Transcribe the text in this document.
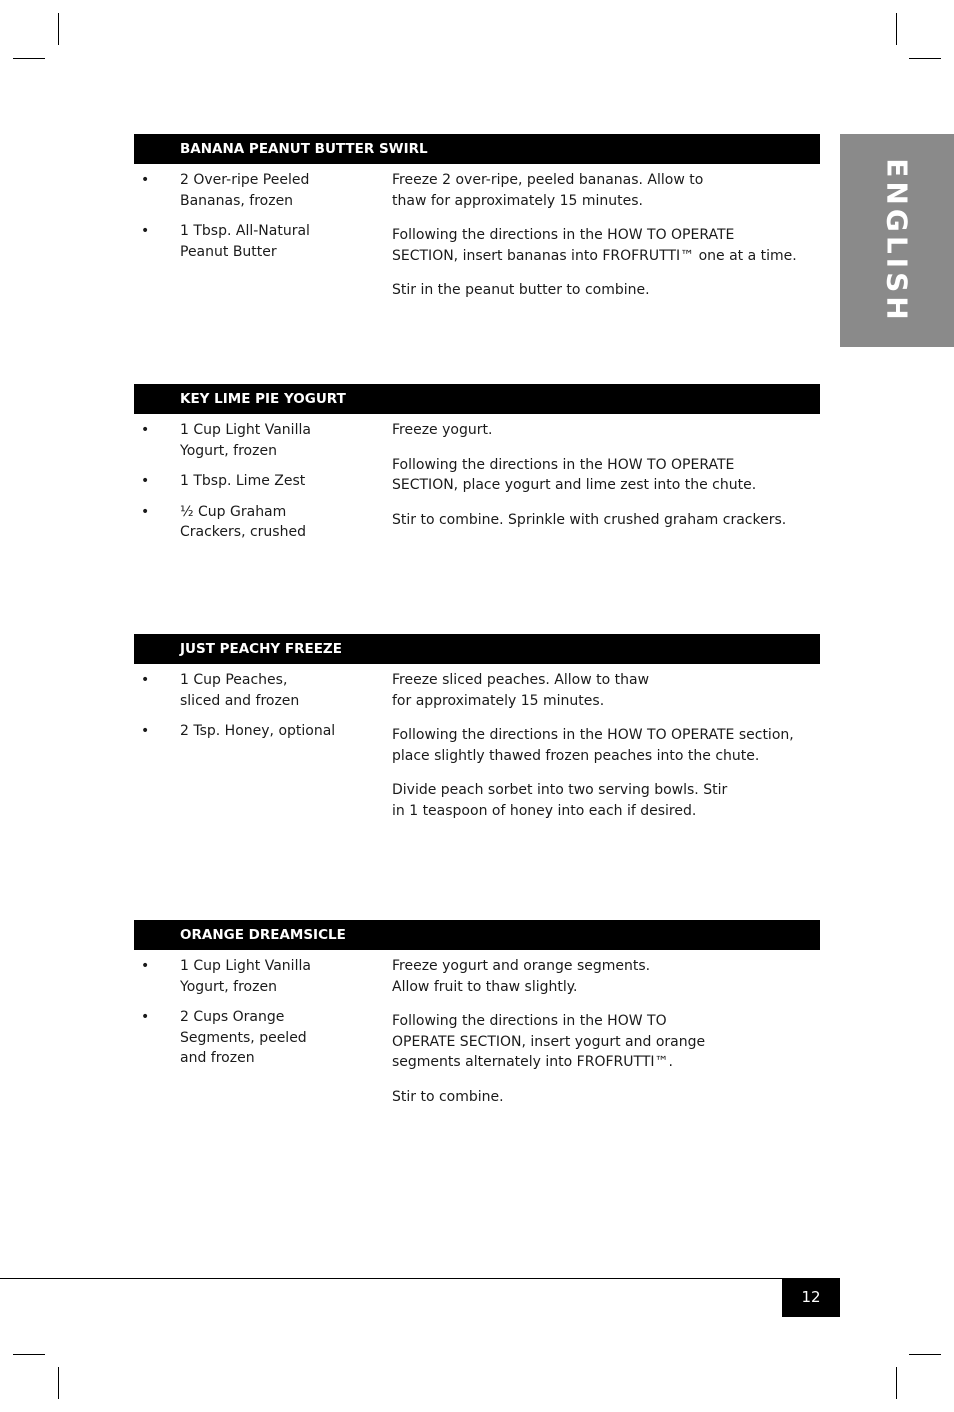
ENGLISH
BANANA PEANUT BUTTER SWIRL
• 2 Over-ripe Peeled
Bananas, frozen
• 1 Tbsp. All-Natural
Peanut Butter

Freeze 2 over-ripe, peeled bananas. Allow to
thaw for approximately 15 minutes.

Following the directions in the HOW TO OPERATE
SECTION, insert bananas into FROFRUTTI™ one at a time.

Stir in the peanut butter to combine.

KEY LIME PIE YOGURT
• 1 Cup Light Vanilla
Yogurt, frozen
• 1 Tbsp. Lime Zest
• ½ Cup Graham
Crackers, crushed

Freeze yogurt.

Following the directions in the HOW TO OPERATE
SECTION, place yogurt and lime zest into the chute.

Stir to combine. Sprinkle with crushed graham crackers.

JUST PEACHY FREEZE
• 1 Cup Peaches,
sliced and frozen
• 2 Tsp. Honey, optional

Freeze sliced peaches. Allow to thaw
for approximately 15 minutes.

Following the directions in the HOW TO OPERATE section,
place slightly thawed frozen peaches into the chute.

Divide peach sorbet into two serving bowls. Stir
in 1 teaspoon of honey into each if desired.

ORANGE DREAMSICLE
• 1 Cup Light Vanilla
Yogurt, frozen
• 2 Cups Orange
Segments, peeled
and frozen

Freeze yogurt and orange segments.
Allow fruit to thaw slightly.

Following the directions in the HOW TO
OPERATE SECTION, insert yogurt and orange
segments alternately into FROFRUTTI™.

Stir to combine.

12
